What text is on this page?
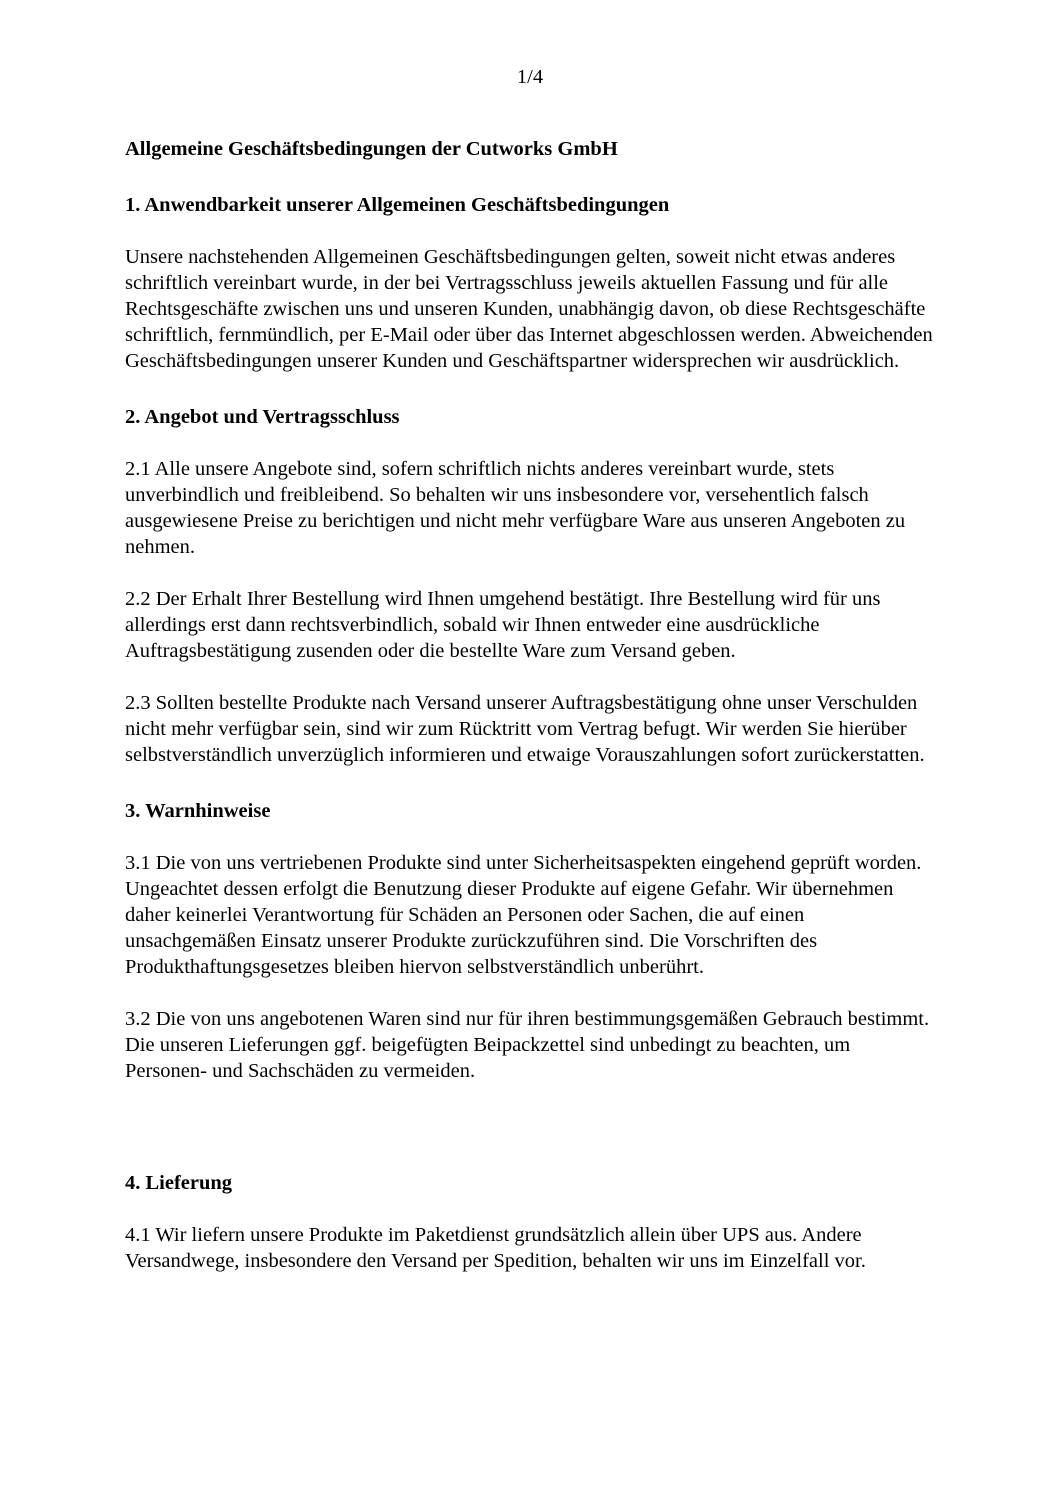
1/4
Allgemeine Geschäftsbedingungen der Cutworks GmbH
1. Anwendbarkeit unserer Allgemeinen Geschäftsbedingungen

Unsere nachstehenden Allgemeinen Geschäftsbedingungen gelten, soweit nicht etwas anderes schriftlich vereinbart wurde, in der bei Vertragsschluss jeweils aktuellen Fassung und für alle Rechtsgeschäfte zwischen uns und unseren Kunden, unabhängig davon, ob diese Rechtsgeschäfte schriftlich, fernmündlich, per E-Mail oder über das Internet abgeschlossen werden. Abweichenden Geschäftsbedingungen unserer Kunden und Geschäftspartner widersprechen wir ausdrücklich.

2. Angebot und Vertragsschluss

2.1 Alle unsere Angebote sind, sofern schriftlich nichts anderes vereinbart wurde, stets unverbindlich und freibleibend. So behalten wir uns insbesondere vor, versehentlich falsch ausgewiesene Preise zu berichtigen und nicht mehr verfügbare Ware aus unseren Angeboten zu nehmen.

2.2 Der Erhalt Ihrer Bestellung wird Ihnen umgehend bestätigt. Ihre Bestellung wird für uns allerdings erst dann rechtsverbindlich, sobald wir Ihnen entweder eine ausdrückliche Auftragsbestätigung zusenden oder die bestellte Ware zum Versand geben.

2.3 Sollten bestellte Produkte nach Versand unserer Auftragsbestätigung ohne unser Verschulden nicht mehr verfügbar sein, sind wir zum Rücktritt vom Vertrag befugt. Wir werden Sie hierüber selbstverständlich unverzüglich informieren und etwaige Vorauszahlungen sofort zurückerstatten.

3. Warnhinweise

3.1 Die von uns vertriebenen Produkte sind unter Sicherheitsaspekten eingehend geprüft worden. Ungeachtet dessen erfolgt die Benutzung dieser Produkte auf eigene Gefahr. Wir übernehmen daher keinerlei Verantwortung für Schäden an Personen oder Sachen, die auf einen unsachgemäßen Einsatz unserer Produkte zurückzuführen sind. Die Vorschriften des Produkthaftungsgesetzes bleiben hiervon selbstverständlich unberührt.

3.2 Die von uns angebotenen Waren sind nur für ihren bestimmungsgemäßen Gebrauch bestimmt. Die unseren Lieferungen ggf. beigefügten Beipackzettel sind unbedingt zu beachten, um Personen- und Sachschäden zu vermeiden.

4. Lieferung

4.1 Wir liefern unsere Produkte im Paketdienst grundsätzlich allein über UPS aus. Andere Versandwege, insbesondere den Versand per Spedition, behalten wir uns im Einzelfall vor.
